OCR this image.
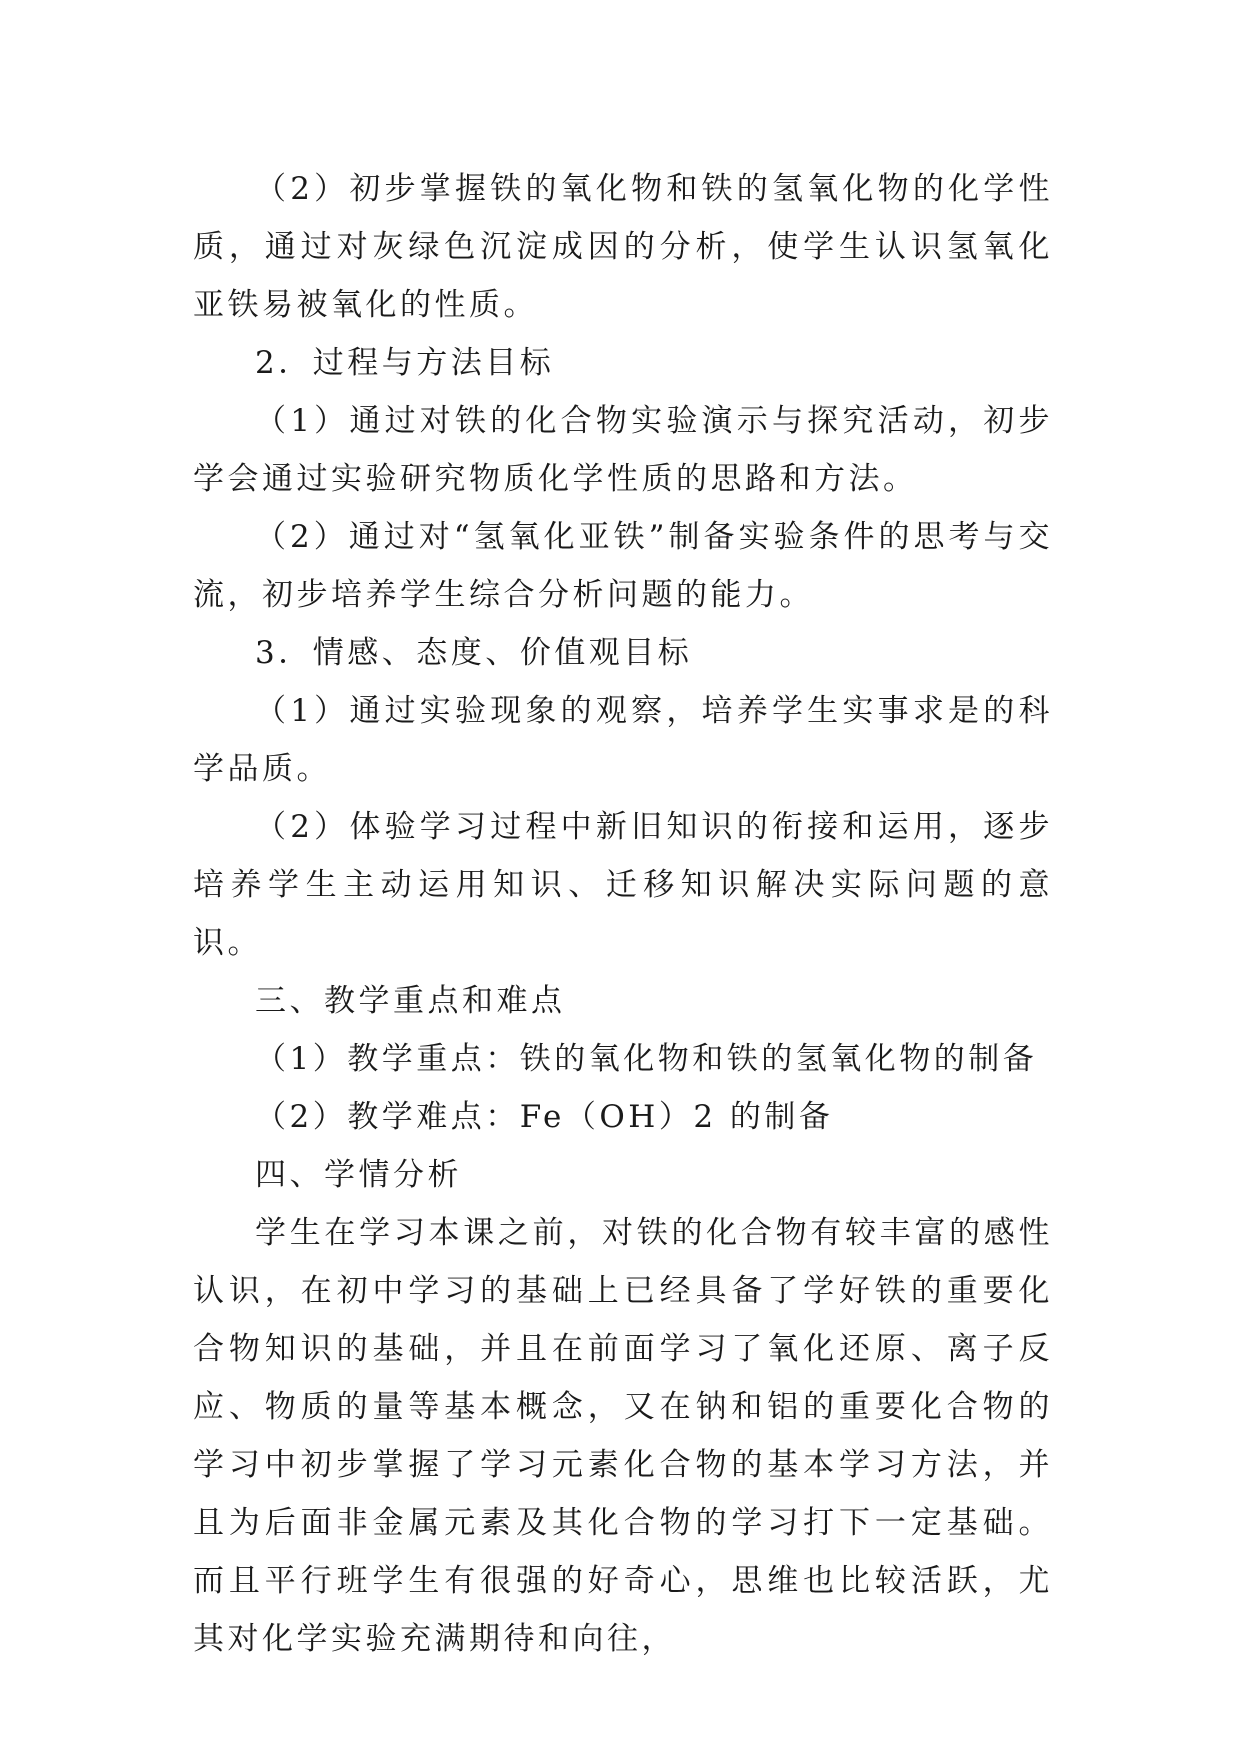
（2）初步掌握铁的氧化物和铁的氢氧化物的化学性质，通过对灰绿色沉淀成因的分析，使学生认识氢氧化亚铁易被氧化的性质。

2．过程与方法目标

（1）通过对铁的化合物实验演示与探究活动，初步学会通过实验研究物质化学性质的思路和方法。

（2）通过对“氢氧化亚铁”制备实验条件的思考与交流，初步培养学生综合分析问题的能力。

3．情感、态度、价值观目标

（1）通过实验现象的观察，培养学生实事求是的科学品质。

（2）体验学习过程中新旧知识的衔接和运用，逐步培养学生主动运用知识、迁移知识解决实际问题的意识。

三、教学重点和难点

（1）教学重点：铁的氧化物和铁的氢氧化物的制备

（2）教学难点：Fe（OH）2 的制备

四、学情分析

学生在学习本课之前，对铁的化合物有较丰富的感性认识，在初中学习的基础上已经具备了学好铁的重要化合物知识的基础，并且在前面学习了氧化还原、离子反应、物质的量等基本概念，又在钠和铝的重要化合物的学习中初步掌握了学习元素化合物的基本学习方法，并且为后面非金属元素及其化合物的学习打下一定基础。而且平行班学生有很强的好奇心，思维也比较活跃，尤其对化学实验充满期待和向往，
